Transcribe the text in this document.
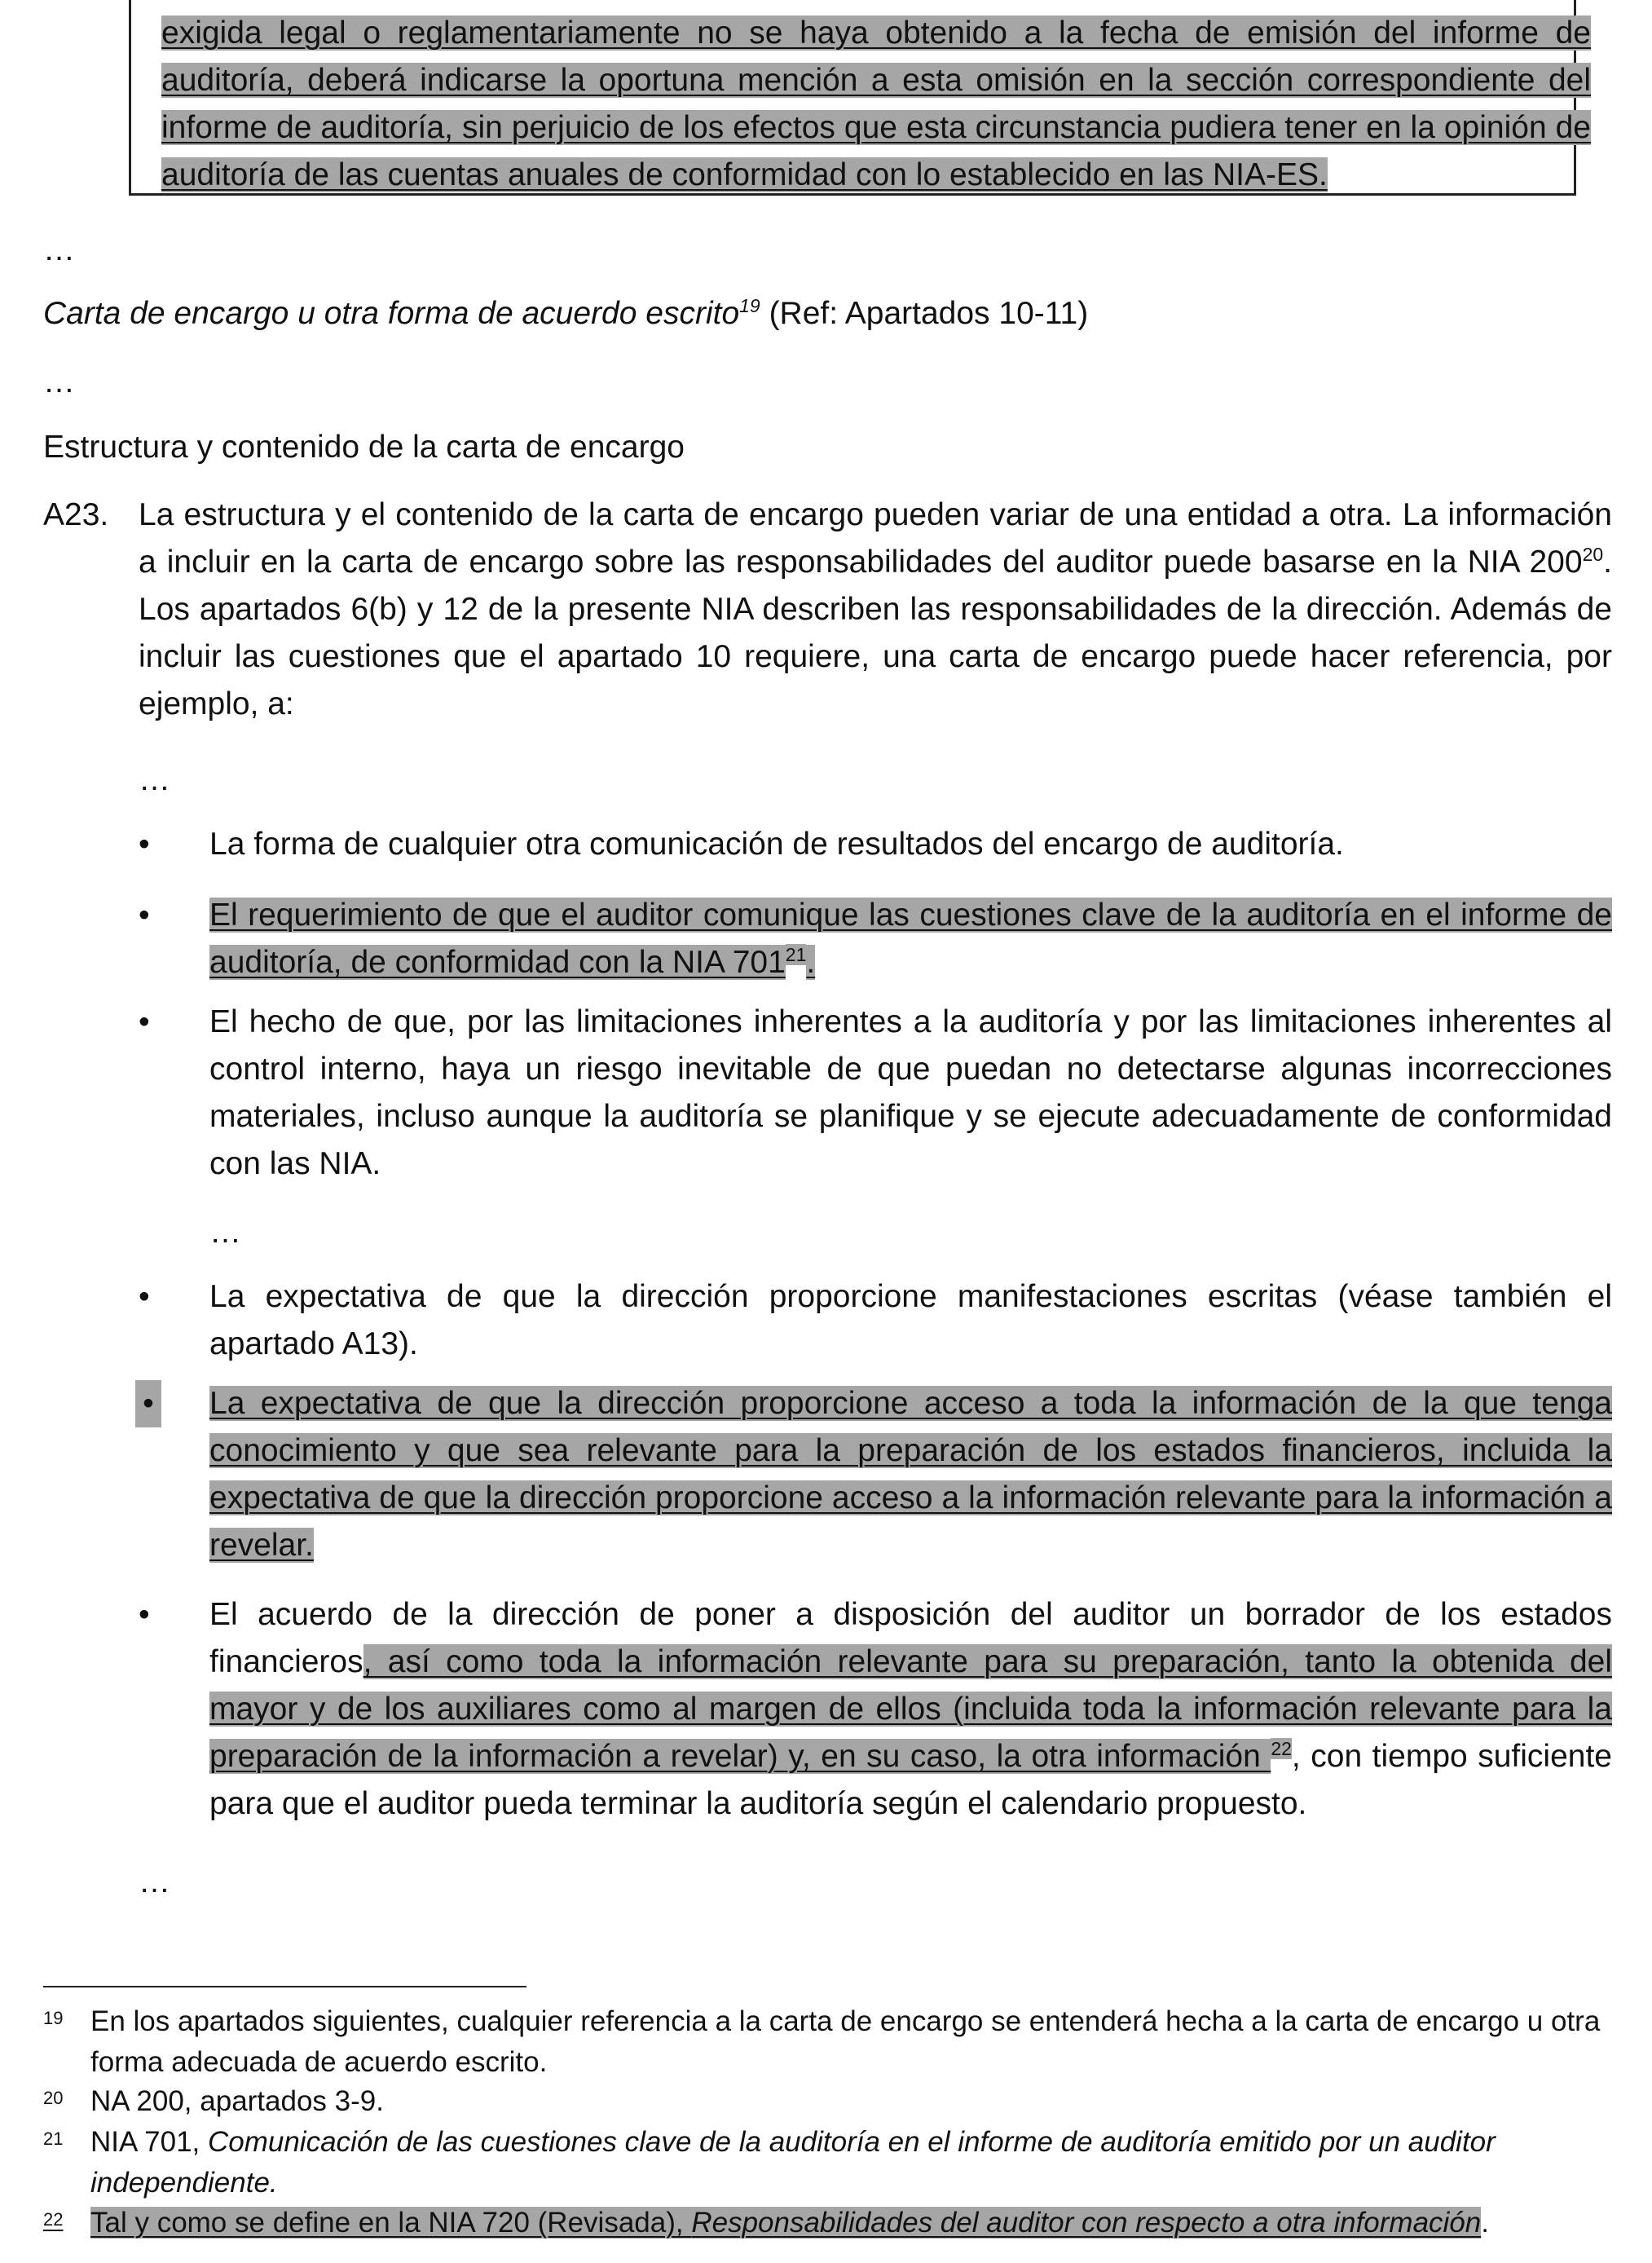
exigida legal o reglamentariamente no se haya obtenido a la fecha de emisión del informe de auditoría, deberá indicarse la oportuna mención a esta omisión en la sección correspondiente del informe de auditoría, sin perjuicio de los efectos que esta circunstancia pudiera tener en la opinión de auditoría de las cuentas anuales de conformidad con lo establecido en las NIA-ES.
…
Carta de encargo u otra forma de acuerdo escrito$^{19}$ (Ref: Apartados 10-11)
…
Estructura y contenido de la carta de encargo
A23. La estructura y el contenido de la carta de encargo pueden variar de una entidad a otra. La información a incluir en la carta de encargo sobre las responsabilidades del auditor puede basarse en la NIA $200^{20}$. Los apartados 6(b) y 12 de la presente NIA describen las responsabilidades de la dirección. Además de incluir las cuestiones que el apartado 10 requiere, una carta de encargo puede hacer referencia, por ejemplo, a:
…
• La forma de cualquier otra comunicación de resultados del encargo de auditoría.
• El requerimiento de que el auditor comunique las cuestiones clave de la auditoría en el informe de auditoría, de conformidad con la NIA $701^{21}$.
• El hecho de que, por las limitaciones inherentes a la auditoría y por las limitaciones inherentes al control interno, haya un riesgo inevitable de que puedan no detectarse algunas incorrecciones materiales, incluso aunque la auditoría se planifique y se ejecute adecuadamente de conformidad con las NIA.
…
• La expectativa de que la dirección proporcione manifestaciones escritas (véase también el apartado A13).
• La expectativa de que la dirección proporcione acceso a toda la información de la que tenga conocimiento y que sea relevante para la preparación de los estados financieros, incluida la expectativa de que la dirección proporcione acceso a la información relevante para la información a revelar.
• El acuerdo de la dirección de poner a disposición del auditor un borrador de los estados financieros, así como toda la información relevante para su preparación, tanto la obtenida del mayor y de los auxiliares como al margen de ellos (incluida toda la información relevante para la preparación de la información a revelar) y, en su caso, la otra información $^{22}$, con tiempo suficiente para que el auditor pueda terminar la auditoría según el calendario propuesto.
…
19 En los apartados siguientes, cualquier referencia a la carta de encargo se entenderá hecha a la carta de encargo u otra forma adecuada de acuerdo escrito.
20 NA 200, apartados 3-9.
21 NIA 701, Comunicación de las cuestiones clave de la auditoría en el informe de auditoría emitido por un auditor independiente.
22 Tal y como se define en la NIA 720 (Revisada), Responsabilidades del auditor con respecto a otra información.
